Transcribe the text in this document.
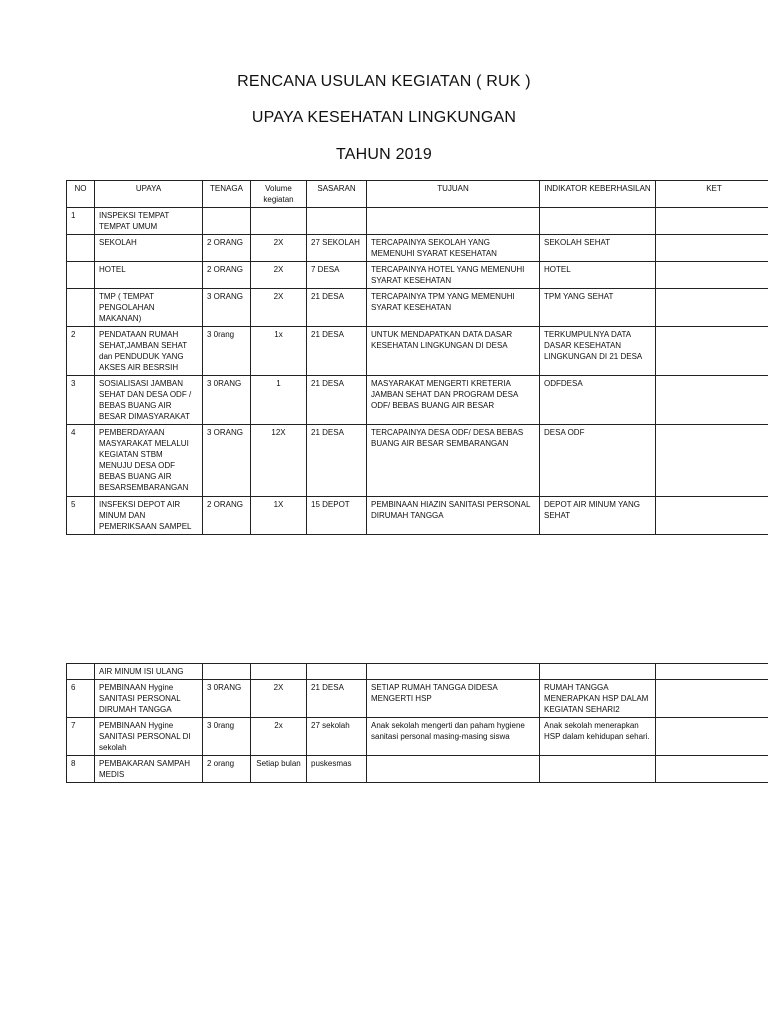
RENCANA USULAN KEGIATAN ( RUK )
UPAYA KESEHATAN LINGKUNGAN
TAHUN 2019
NO	UPAYA	TENAGA	Volume kegiatan	SASARAN	TUJUAN	INDIKATOR KEBERHASILAN	KET
1	INSPEKSI TEMPAT TEMPAT UMUM						
	SEKOLAH	2 ORANG	2X	27 SEKOLAH	TERCAPAINYA SEKOLAH YANG MEMENUHI SYARAT KESEHATAN	SEKOLAH SEHAT	
	HOTEL	2 ORANG	2X	7 DESA	TERCAPAINYA HOTEL YANG MEMENUHI SYARAT KESEHATAN	HOTEL	
	TMP ( TEMPAT PENGOLAHAN MAKANAN)	3 ORANG	2X	21 DESA	TERCAPAINYA TPM YANG MEMENUHI SYARAT KESEHATAN	TPM YANG SEHAT	
2	PENDATAAN RUMAH SEHAT,JAMBAN SEHAT dan PENDUDUK YANG AKSES AIR BESRSIH	3 0rang	1x	21 DESA	UNTUK MENDAPATKAN DATA DASAR KESEHATAN LINGKUNGAN DI DESA	TERKUMPULNYA DATA DASAR KESEHATAN LINGKUNGAN DI 21 DESA	
3	SOSIALISASI JAMBAN SEHAT DAN DESA ODF / BEBAS BUANG AIR BESAR DIMASYARAKAT	3 0RANG	1	21 DESA	MASYARAKAT MENGERTI KRETERIA JAMBAN SEHAT DAN PROGRAM DESA ODF/ BEBAS BUANG AIR BESAR	ODFDESA	
4	PEMBERDAYAAN MASYARAKAT MELALUI KEGIATAN STBM MENUJU DESA ODF BEBAS BUANG AIR BESARSEMBARANGAN	3 ORANG	12X	21 DESA	TERCAPAINYA DESA ODF/ DESA BEBAS BUANG AIR BESAR SEMBARANGAN	DESA ODF	
5	INSFEKSI DEPOT AIR MINUM DAN PEMERIKSAAN SAMPEL	2 ORANG	1X	15 DEPOT	PEMBINAAN HIAZIN SANITASI PERSONAL DIRUMAH TANGGA	DEPOT AIR MINUM YANG SEHAT	
	AIR MINUM ISI ULANG						
6	PEMBINAAN Hygine SANITASI PERSONAL DIRUMAH TANGGA	3 0RANG	2X	21 DESA	SETIAP RUMAH TANGGA DIDESA MENGERTI HSP	RUMAH TANGGA MENERAPKAN HSP DALAM KEGIATAN SEHARI2	
7	PEMBINAAN Hygine SANITASI PERSONAL DI sekolah	3 0rang	2x	27 sekolah	Anak sekolah mengerti dan paham hygiene sanitasi personal masing-masing siswa	Anak sekolah menerapkan HSP dalam kehidupan sehari.	
8	PEMBAKARAN SAMPAH MEDIS	2 orang	Setiap bulan	puskesmas			
